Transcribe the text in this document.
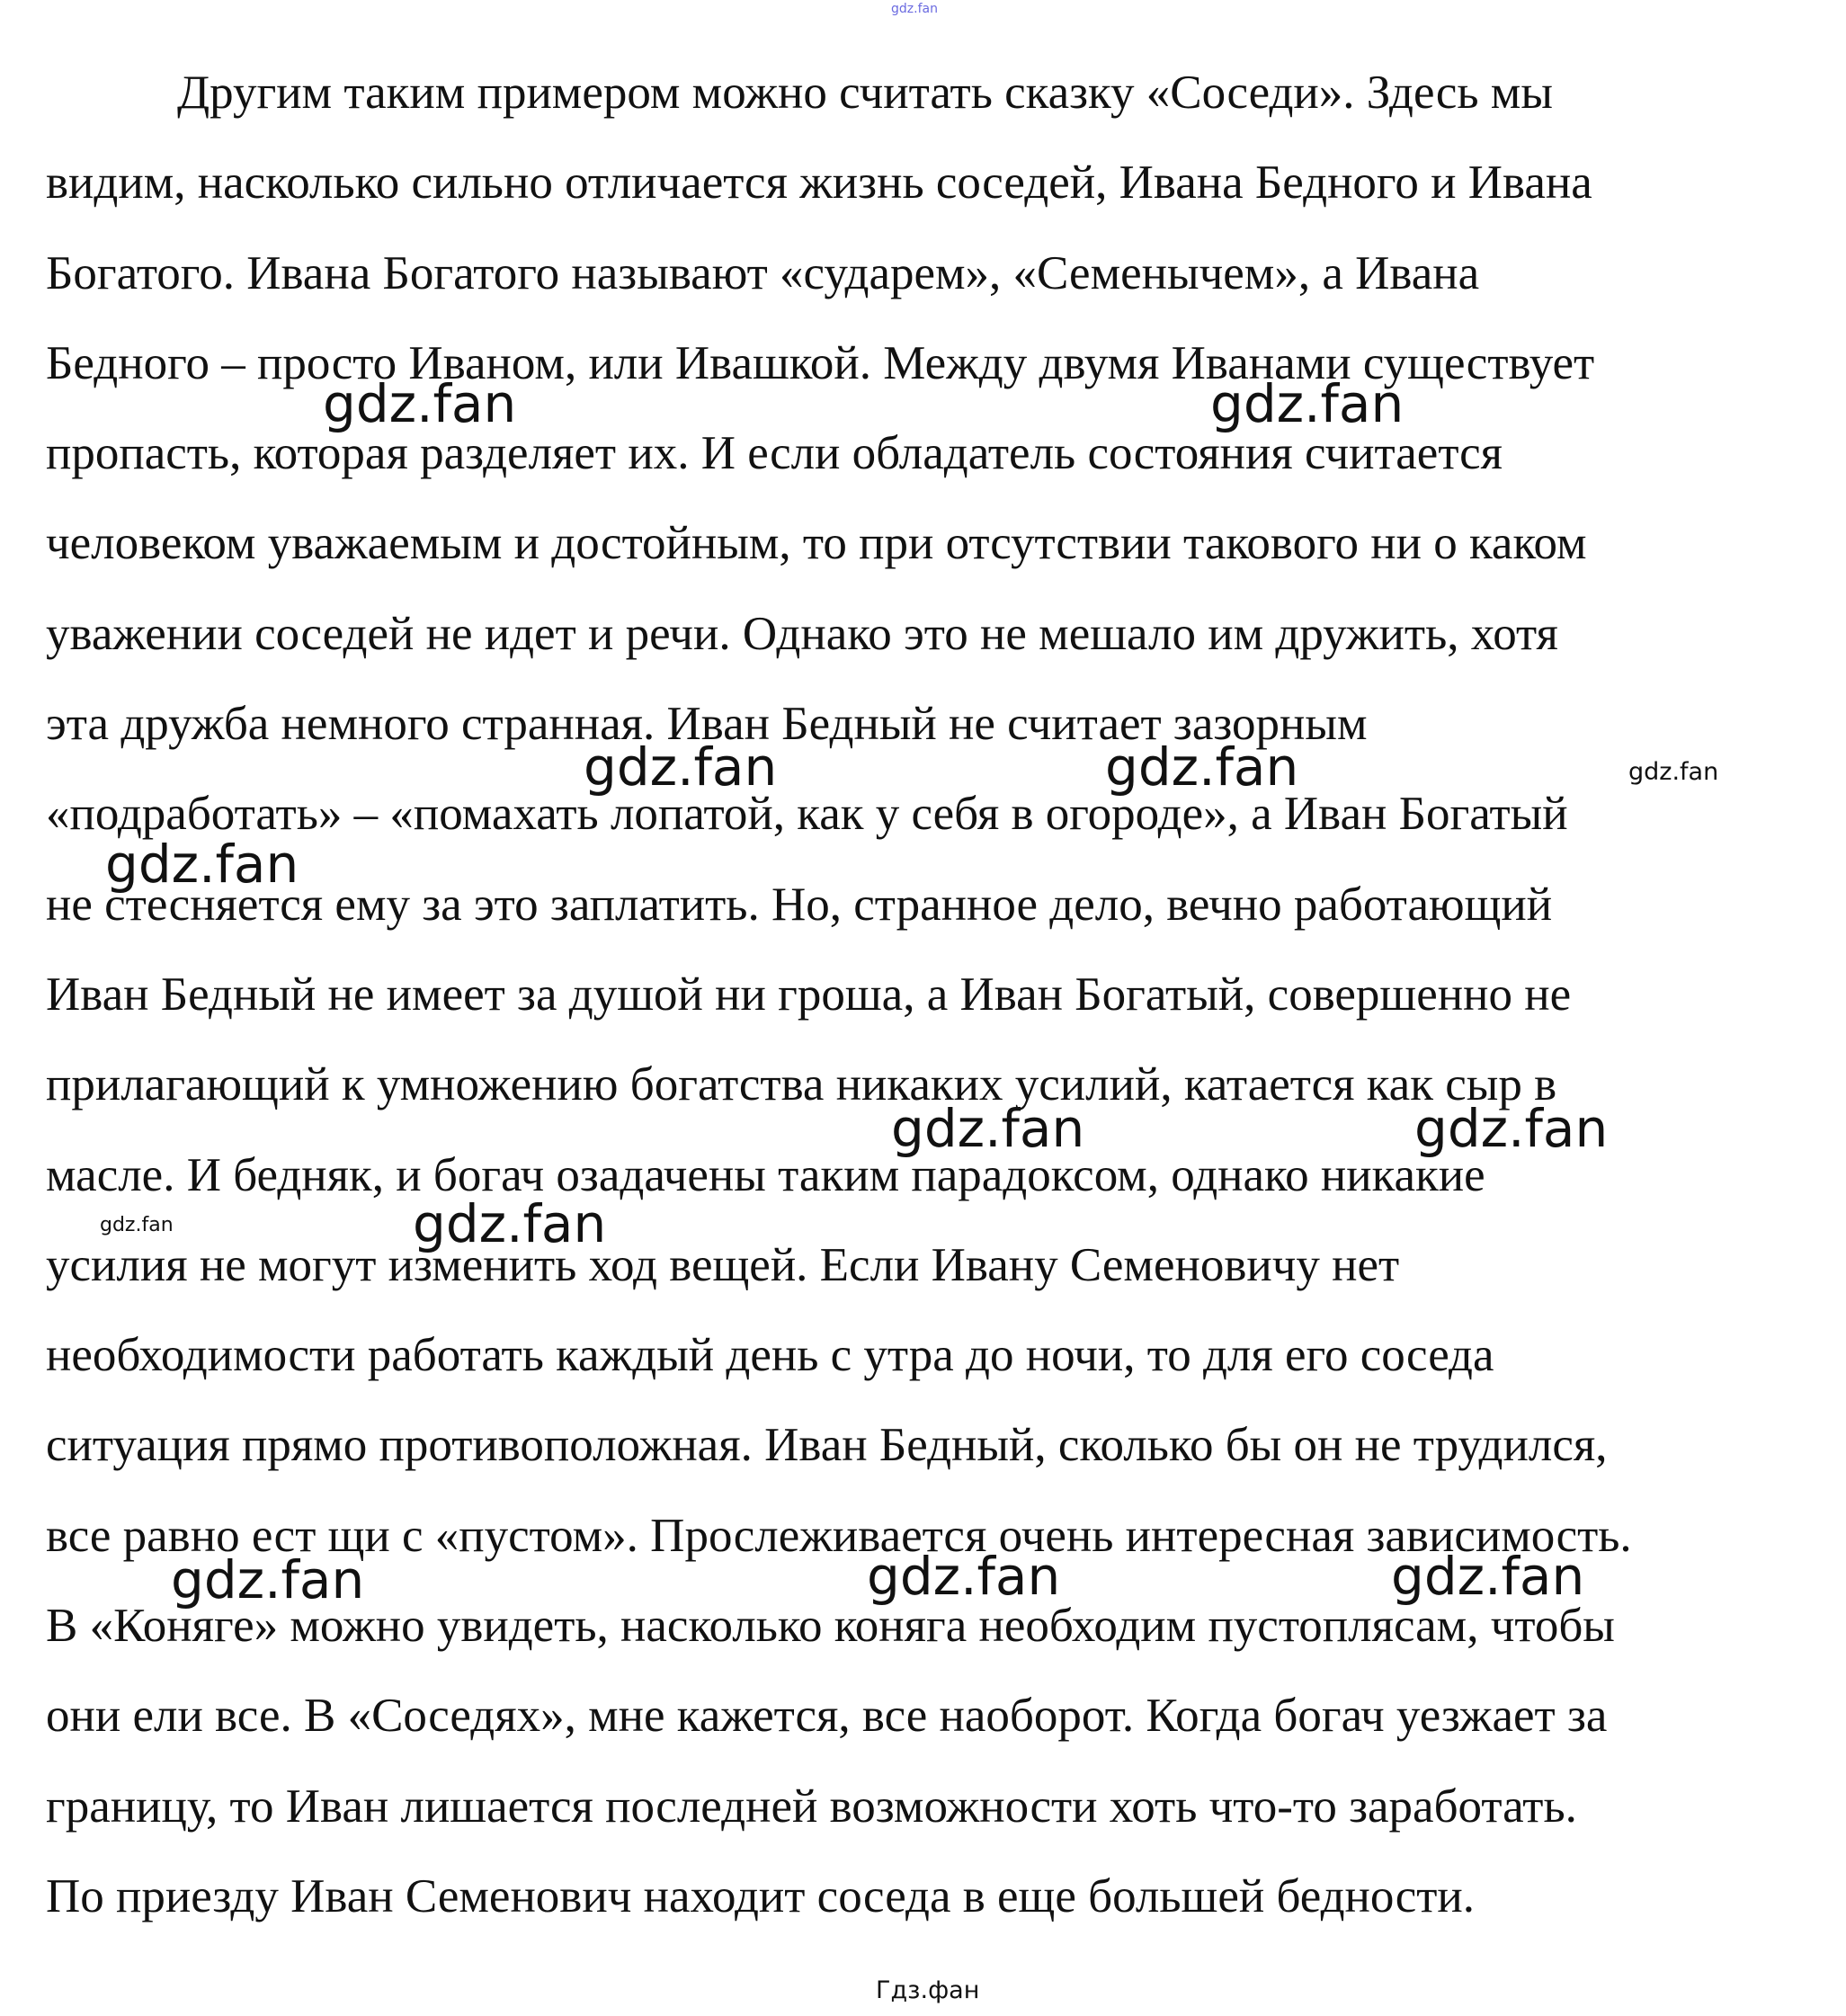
gdz.fan
Другим таким примером можно считать сказку «Соседи». Здесь мы
видим, насколько сильно отличается жизнь соседей, Ивана Бедного и Ивана
Богатого. Ивана Богатого называют «сударем», «Семенычем», а Ивана
Бедного – просто Иваном, или Ивашкой. Между двумя Иванами существует
пропасть, которая разделяет их. И если обладатель состояния считается
человеком уважаемым и достойным, то при отсутствии такового ни о каком
уважении соседей не идет и речи. Однако это не мешало им дружить, хотя
эта дружба немного странная. Иван Бедный не считает зазорным
«подработать» – «помахать лопатой, как у себя в огороде», а Иван Богатый
не стесняется ему за это заплатить. Но, странное дело, вечно работающий
Иван Бедный не имеет за душой ни гроша, а Иван Богатый, совершенно не
прилагающий к умножению богатства никаких усилий, катается как сыр в
масле. И бедняк, и богач озадачены таким парадоксом, однако никакие
усилия не могут изменить ход вещей. Если Ивану Семеновичу нет
необходимости работать каждый день с утра до ночи, то для его соседа
ситуация прямо противоположная. Иван Бедный, сколько бы он не трудился,
все равно ест щи с «пустом». Прослеживается очень интересная зависимость.
В «Коняге» можно увидеть, насколько коняга необходим пустоплясам, чтобы
они ели все. В «Соседях», мне кажется, все наоборот. Когда богач уезжает за
границу, то Иван лишается последней возможности хоть что-то заработать.
По приезду Иван Семенович находит соседа в еще большей бедности.
gdz.fan	gdz.fan
gdz.fan	gdz.fan	gdz.fan
gdz.fan
gdz.fan	gdz.fan
gdz.fan
gdz.fan
gdz.fan	gdz.fan	gdz.fan
Гдз.фан
